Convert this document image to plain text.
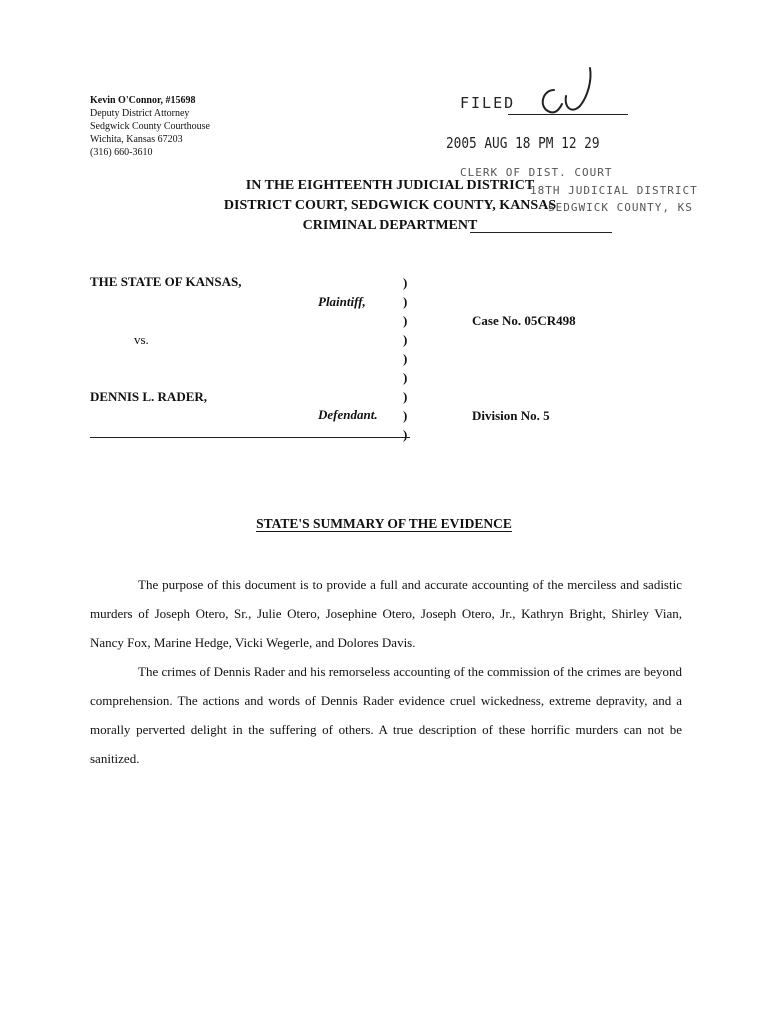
Kevin O'Connor, #15698
Deputy District Attorney
Sedgwick County Courthouse
Wichita, Kansas 67203
(316) 660-3610
FILED
2005 AUG 18 PM 12 29
CLERK OF DIST. COURT
18TH JUDICIAL DISTRICT
SEDGWICK COUNTY, KS
IN THE EIGHTEENTH JUDICIAL DISTRICT
DISTRICT COURT, SEDGWICK COUNTY, KANSAS
CRIMINAL DEPARTMENT
THE STATE OF KANSAS,
Plaintiff,
vs.
DENNIS L. RADER,
Defendant.
)
)
)
)
)
)
)
)
)
Case No. 05CR498
Division No. 5
STATE'S SUMMARY OF THE EVIDENCE

The purpose of this document is to provide a full and accurate accounting of the merciless and sadistic murders of Joseph Otero, Sr., Julie Otero, Josephine Otero, Joseph Otero, Jr., Kathryn Bright, Shirley Vian, Nancy Fox, Marine Hedge, Vicki Wegerle, and Dolores Davis.

The crimes of Dennis Rader and his remorseless accounting of the commission of the crimes are beyond comprehension. The actions and words of Dennis Rader evidence cruel wickedness, extreme depravity, and a morally perverted delight in the suffering of others. A true description of these horrific murders can not be sanitized.
